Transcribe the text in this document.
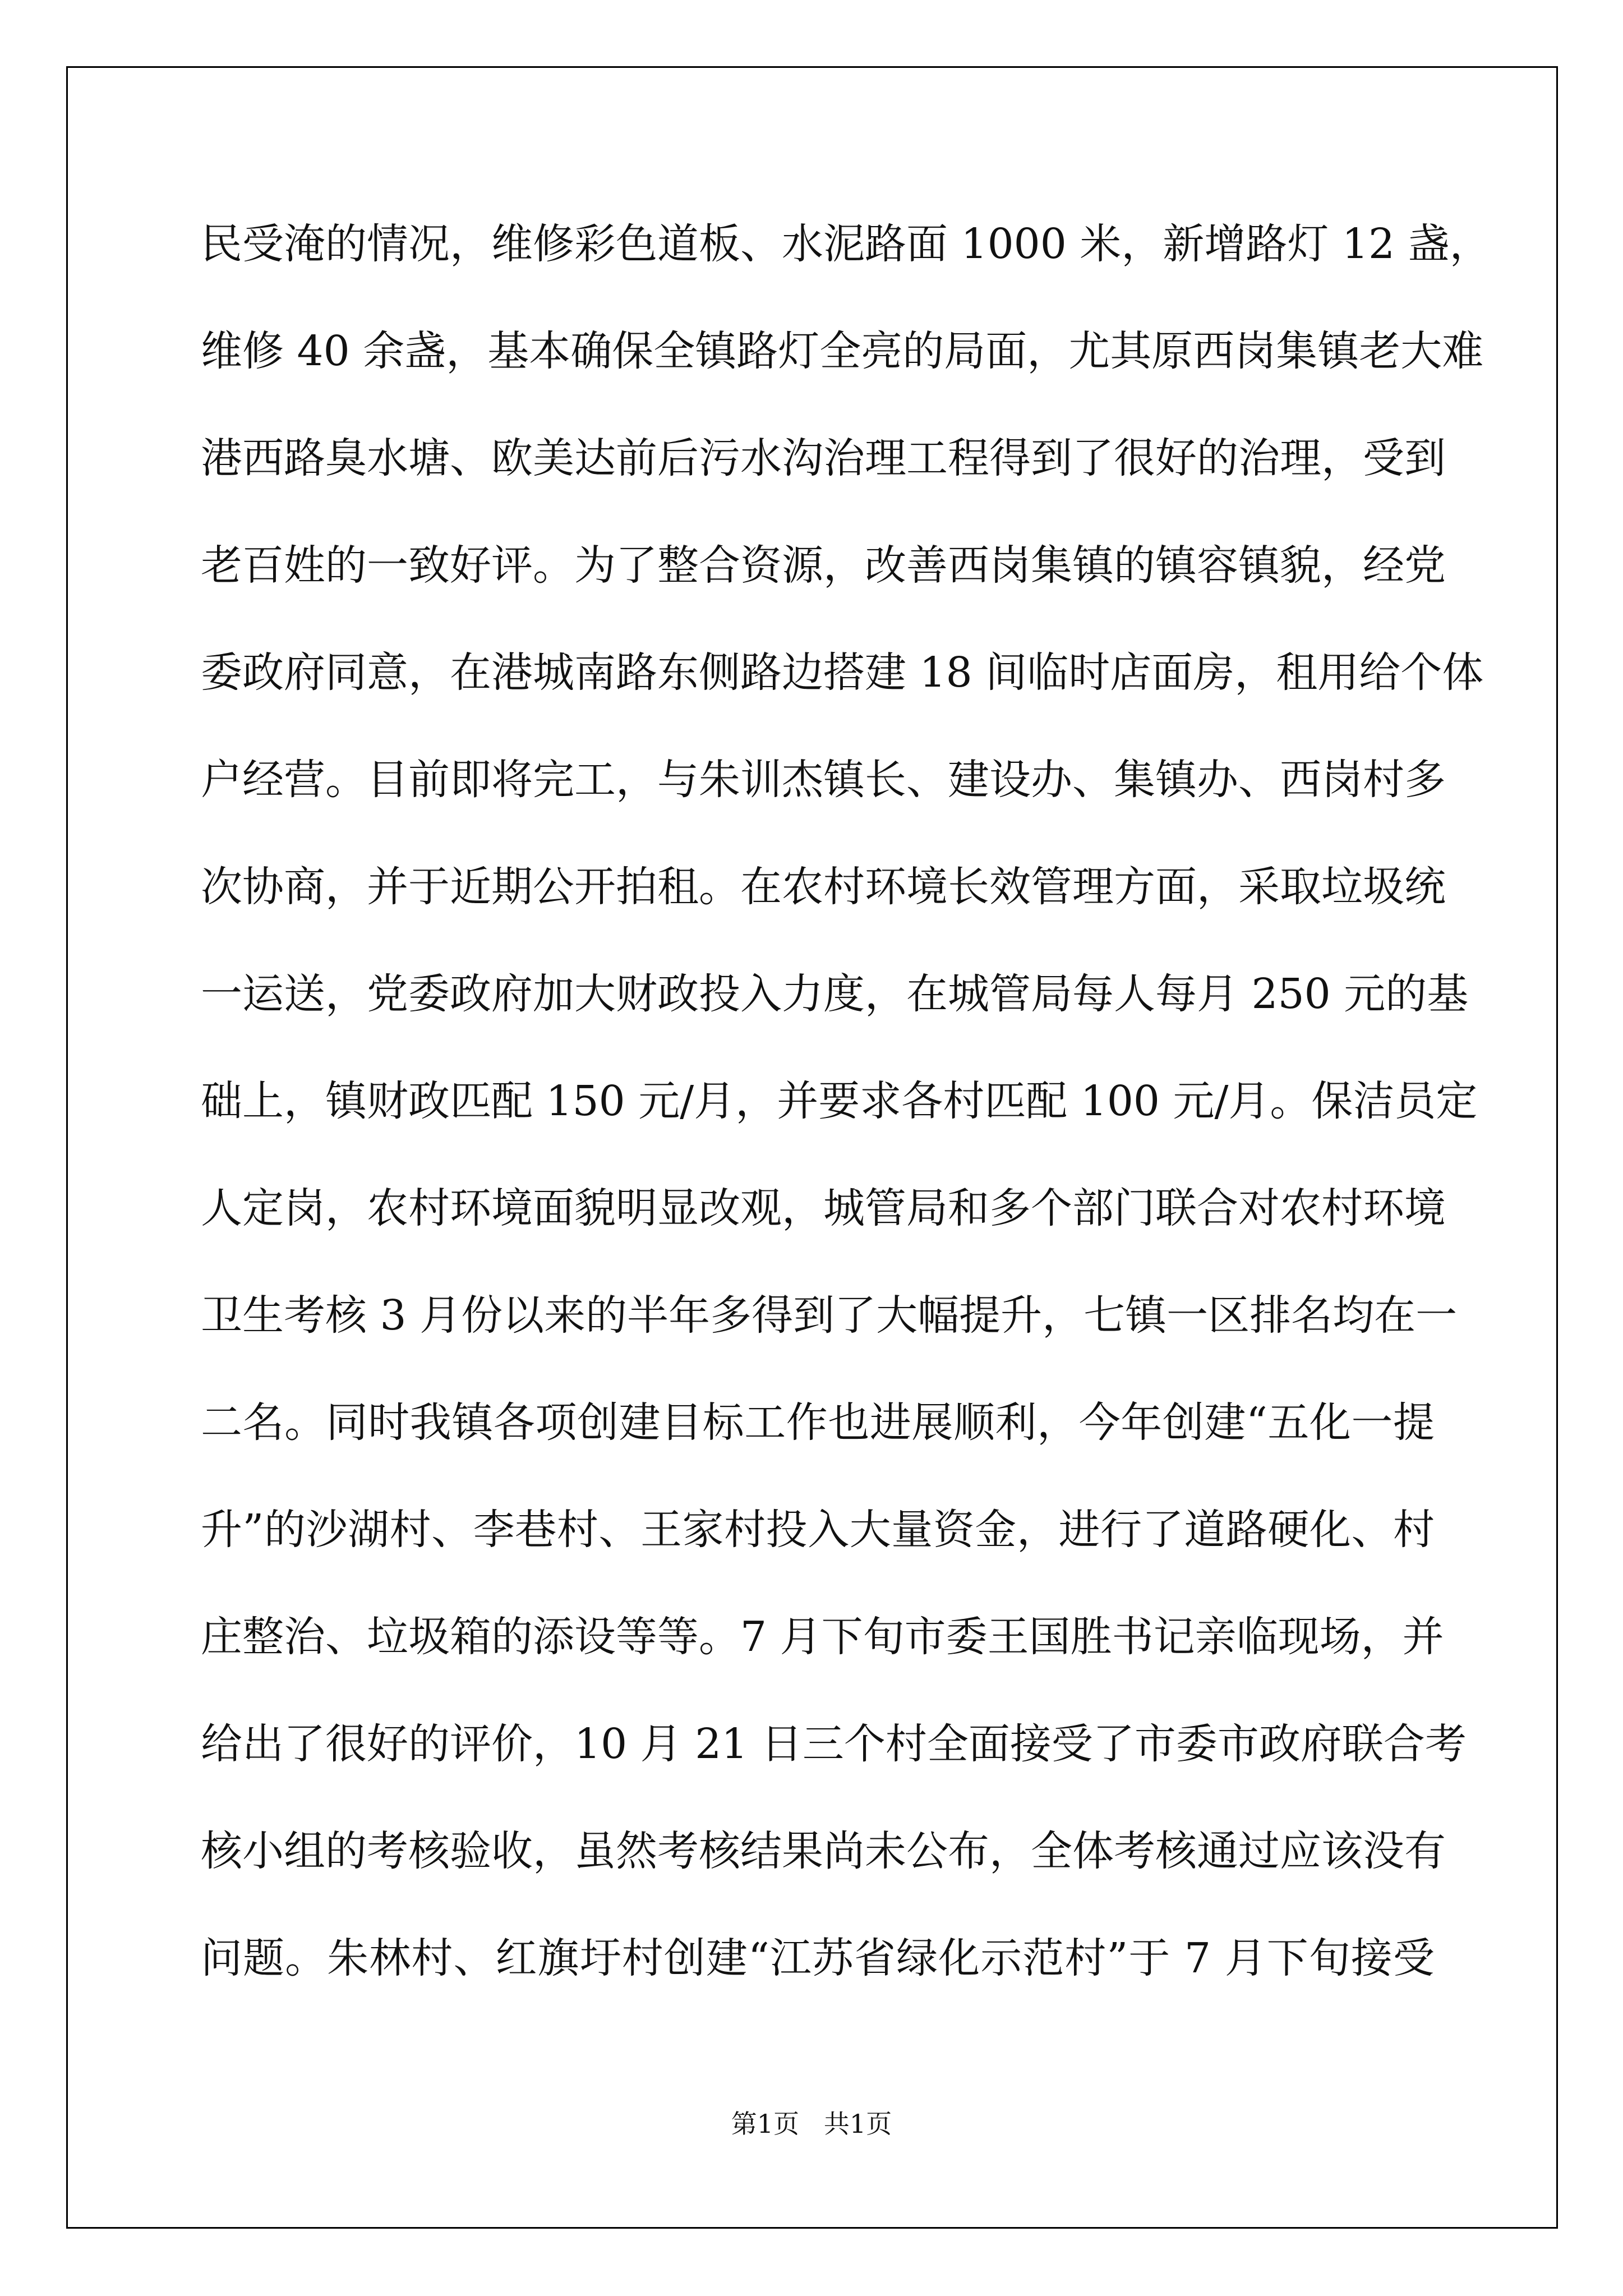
民受淹的情况，维修彩色道板、水泥路面 1000 米，新增路灯 12 盏，
维修 40 余盏，基本确保全镇路灯全亮的局面，尤其原西岗集镇老大难
港西路臭水塘、欧美达前后污水沟治理工程得到了很好的治理，受到
老百姓的一致好评。为了整合资源，改善西岗集镇的镇容镇貌，经党
委政府同意，在港城南路东侧路边搭建 18 间临时店面房，租用给个体
户经营。目前即将完工，与朱训杰镇长、建设办、集镇办、西岗村多
次协商，并于近期公开拍租。在农村环境长效管理方面，采取垃圾统
一运送，党委政府加大财政投入力度，在城管局每人每月 250 元的基
础上，镇财政匹配 150 元/月，并要求各村匹配 100 元/月。保洁员定
人定岗，农村环境面貌明显改观，城管局和多个部门联合对农村环境
卫生考核 3 月份以来的半年多得到了大幅提升，七镇一区排名均在一
二名。同时我镇各项创建目标工作也进展顺利，今年创建“五化一提
升”的沙湖村、李巷村、王家村投入大量资金，进行了道路硬化、村
庄整治、垃圾箱的添设等等。7 月下旬市委王国胜书记亲临现场，并
给出了很好的评价，10 月 21 日三个村全面接受了市委市政府联合考
核小组的考核验收，虽然考核结果尚未公布，全体考核通过应该没有
问题。朱林村、红旗圩村创建“江苏省绿化示范村”于 7 月下旬接受
第1页   共1页
